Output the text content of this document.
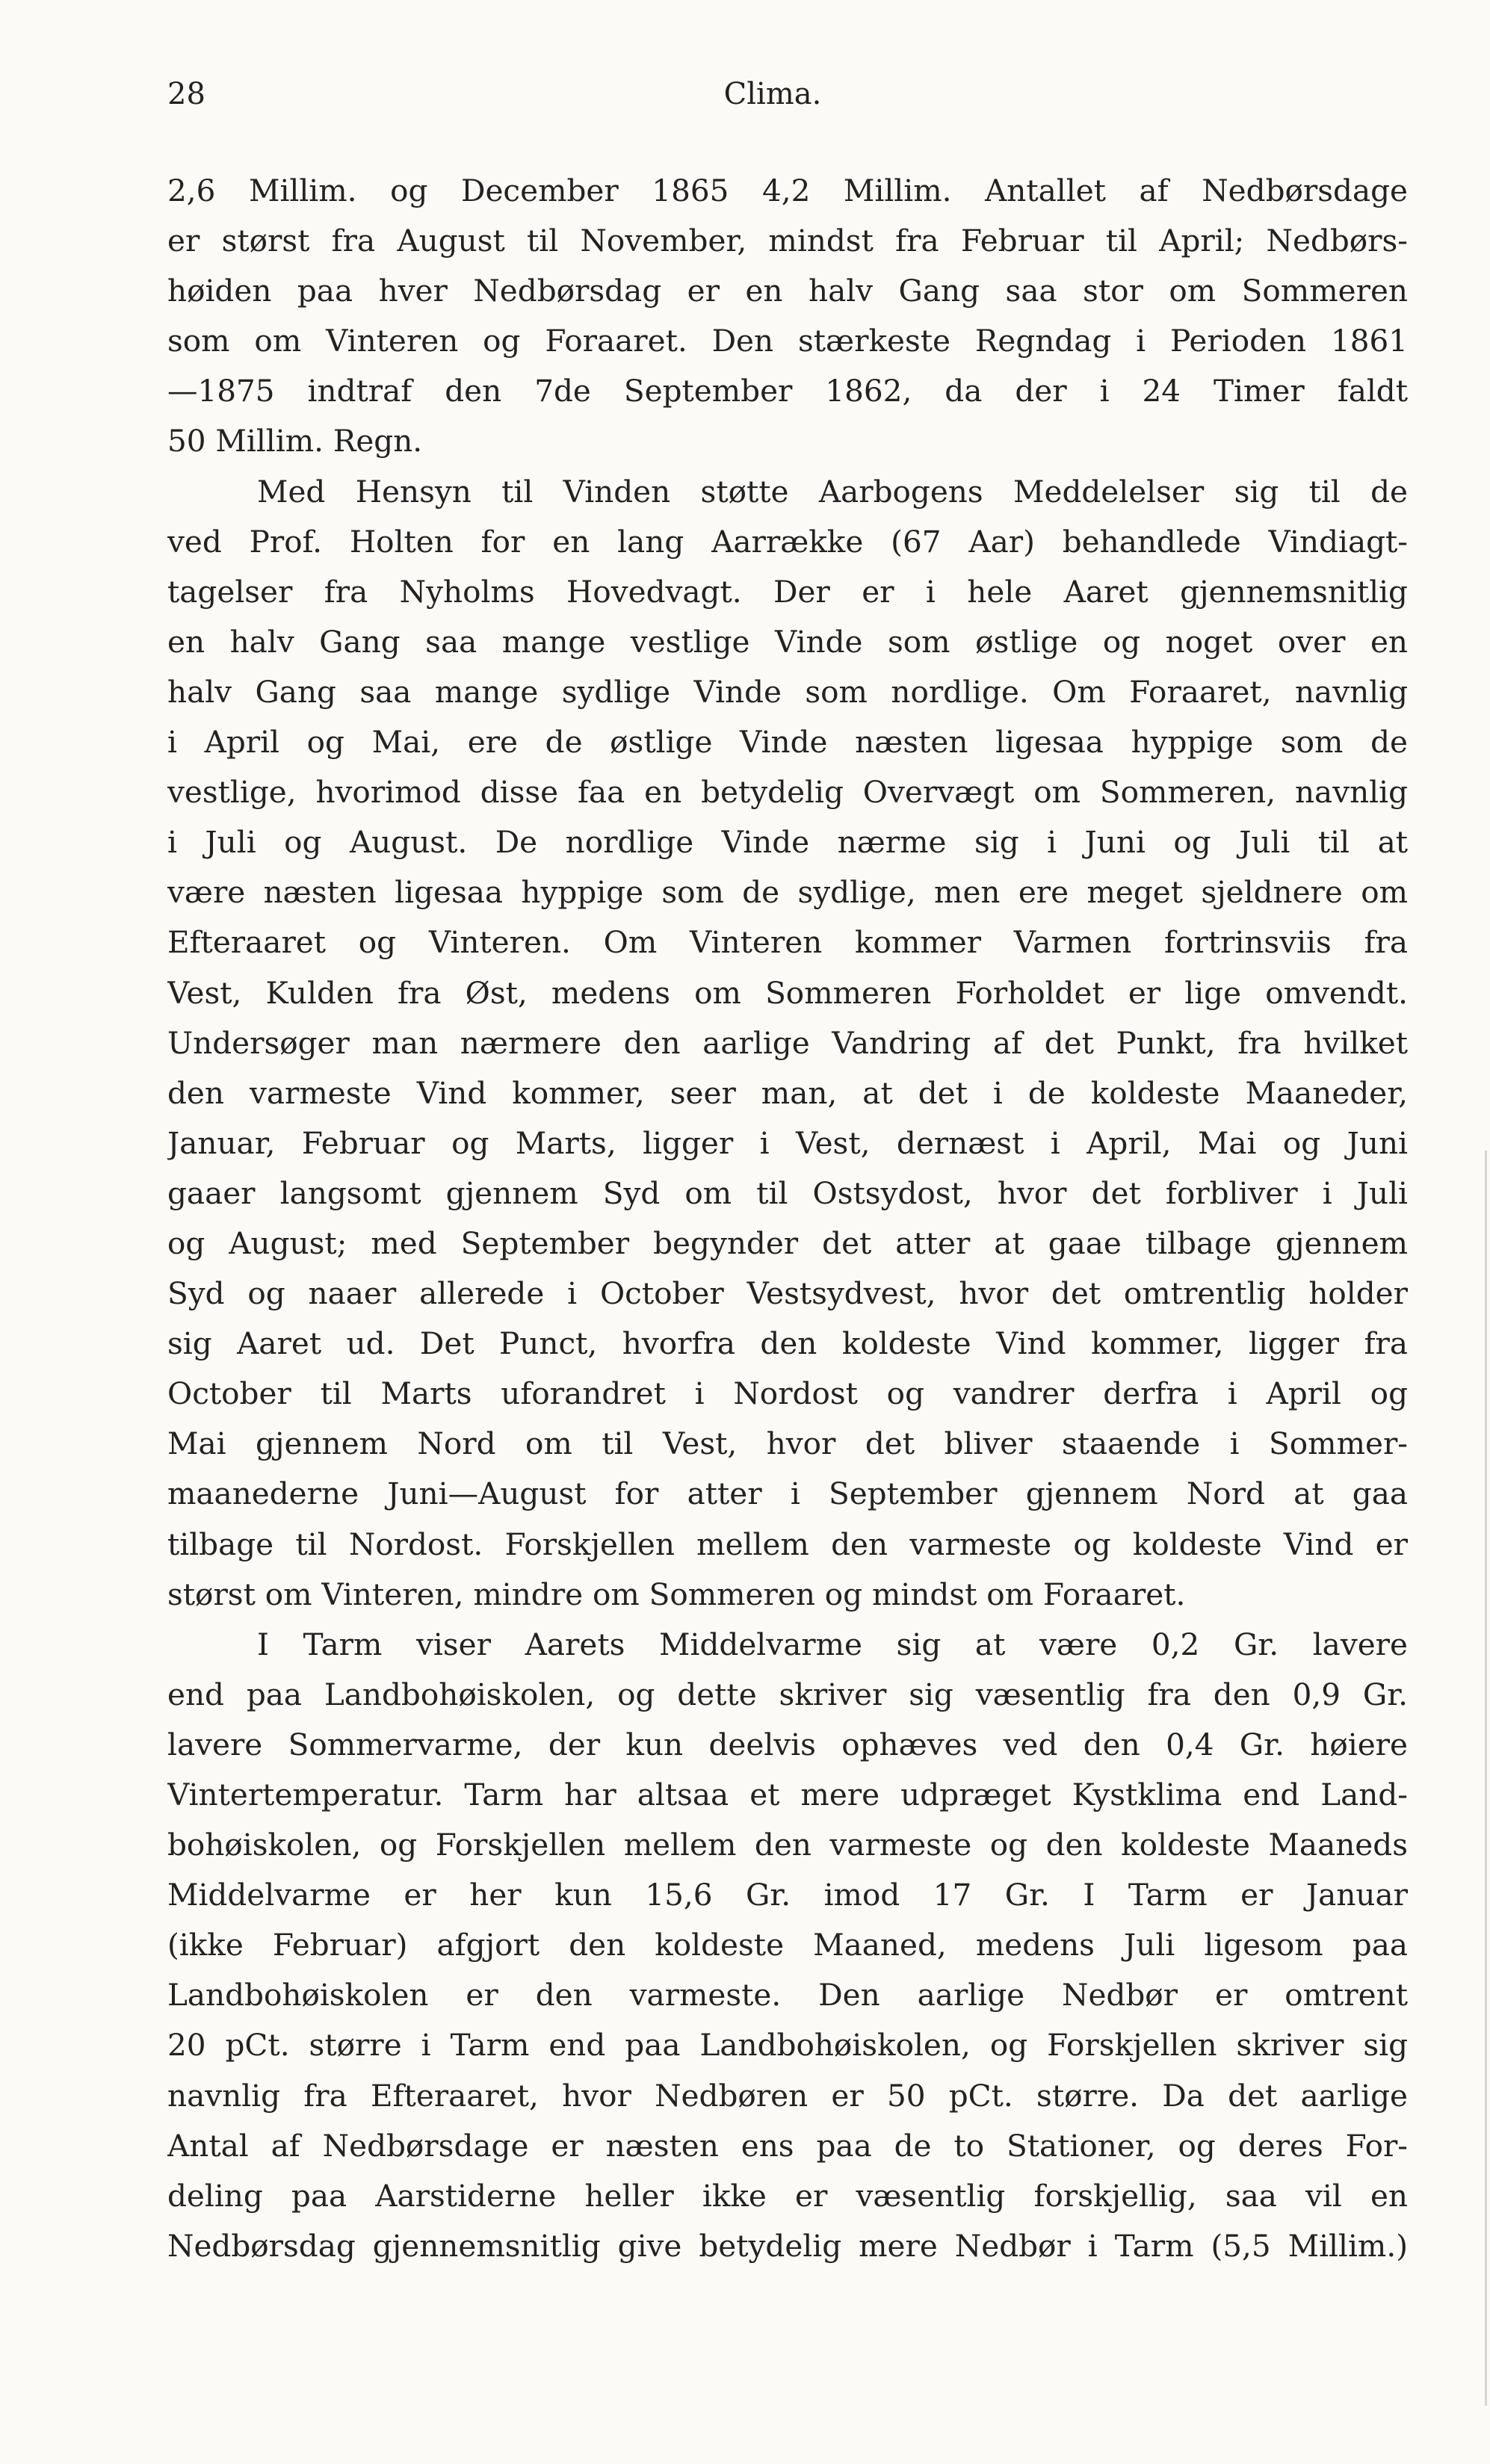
28	Clima.
2,6 Millim. og December 1865 4,2 Millim. Antallet af Nedbørsdage
er størst fra August til November, mindst fra Februar til April; Nedbørs-
høiden paa hver Nedbørsdag er en halv Gang saa stor om Sommeren
som om Vinteren og Foraaret. Den stærkeste Regndag i Perioden 1861
—1875 indtraf den 7de September 1862, da der i 24 Timer faldt
50 Millim. Regn.
Med Hensyn til Vinden støtte Aarbogens Meddelelser sig til de
ved Prof. Holten for en lang Aarrække (67 Aar) behandlede Vindiagt-
tagelser fra Nyholms Hovedvagt. Der er i hele Aaret gjennemsnitlig
en halv Gang saa mange vestlige Vinde som østlige og noget over en
halv Gang saa mange sydlige Vinde som nordlige. Om Foraaret, navnlig
i April og Mai, ere de østlige Vinde næsten ligesaa hyppige som de
vestlige, hvorimod disse faa en betydelig Overvægt om Sommeren, navnlig
i Juli og August. De nordlige Vinde nærme sig i Juni og Juli til at
være næsten ligesaa hyppige som de sydlige, men ere meget sjeldnere om
Efteraaret og Vinteren. Om Vinteren kommer Varmen fortrinsviis fra
Vest, Kulden fra Øst, medens om Sommeren Forholdet er lige omvendt.
Undersøger man nærmere den aarlige Vandring af det Punkt, fra hvilket
den varmeste Vind kommer, seer man, at det i de koldeste Maaneder,
Januar, Februar og Marts, ligger i Vest, dernæst i April, Mai og Juni
gaaer langsomt gjennem Syd om til Ostsydost, hvor det forbliver i Juli
og August; med September begynder det atter at gaae tilbage gjennem
Syd og naaer allerede i October Vestsydvest, hvor det omtrentlig holder
sig Aaret ud. Det Punct, hvorfra den koldeste Vind kommer, ligger fra
October til Marts uforandret i Nordost og vandrer derfra i April og
Mai gjennem Nord om til Vest, hvor det bliver staaende i Sommer-
maanederne Juni—August for atter i September gjennem Nord at gaa
tilbage til Nordost. Forskjellen mellem den varmeste og koldeste Vind er
størst om Vinteren, mindre om Sommeren og mindst om Foraaret.
I Tarm viser Aarets Middelvarme sig at være 0,2 Gr. lavere
end paa Landbohøiskolen, og dette skriver sig væsentlig fra den 0,9 Gr.
lavere Sommervarme, der kun deelvis ophæves ved den 0,4 Gr. høiere
Vintertemperatur. Tarm har altsaa et mere udpræget Kystklima end Land-
bohøiskolen, og Forskjellen mellem den varmeste og den koldeste Maaneds
Middelvarme er her kun 15,6 Gr. imod 17 Gr. I Tarm er Januar
(ikke Februar) afgjort den koldeste Maaned, medens Juli ligesom paa
Landbohøiskolen er den varmeste. Den aarlige Nedbør er omtrent
20 pCt. større i Tarm end paa Landbohøiskolen, og Forskjellen skriver sig
navnlig fra Efteraaret, hvor Nedbøren er 50 pCt. større. Da det aarlige
Antal af Nedbørsdage er næsten ens paa de to Stationer, og deres For-
deling paa Aarstiderne heller ikke er væsentlig forskjellig, saa vil en
Nedbørsdag gjennemsnitlig give betydelig mere Nedbør i Tarm (5,5 Millim.)
